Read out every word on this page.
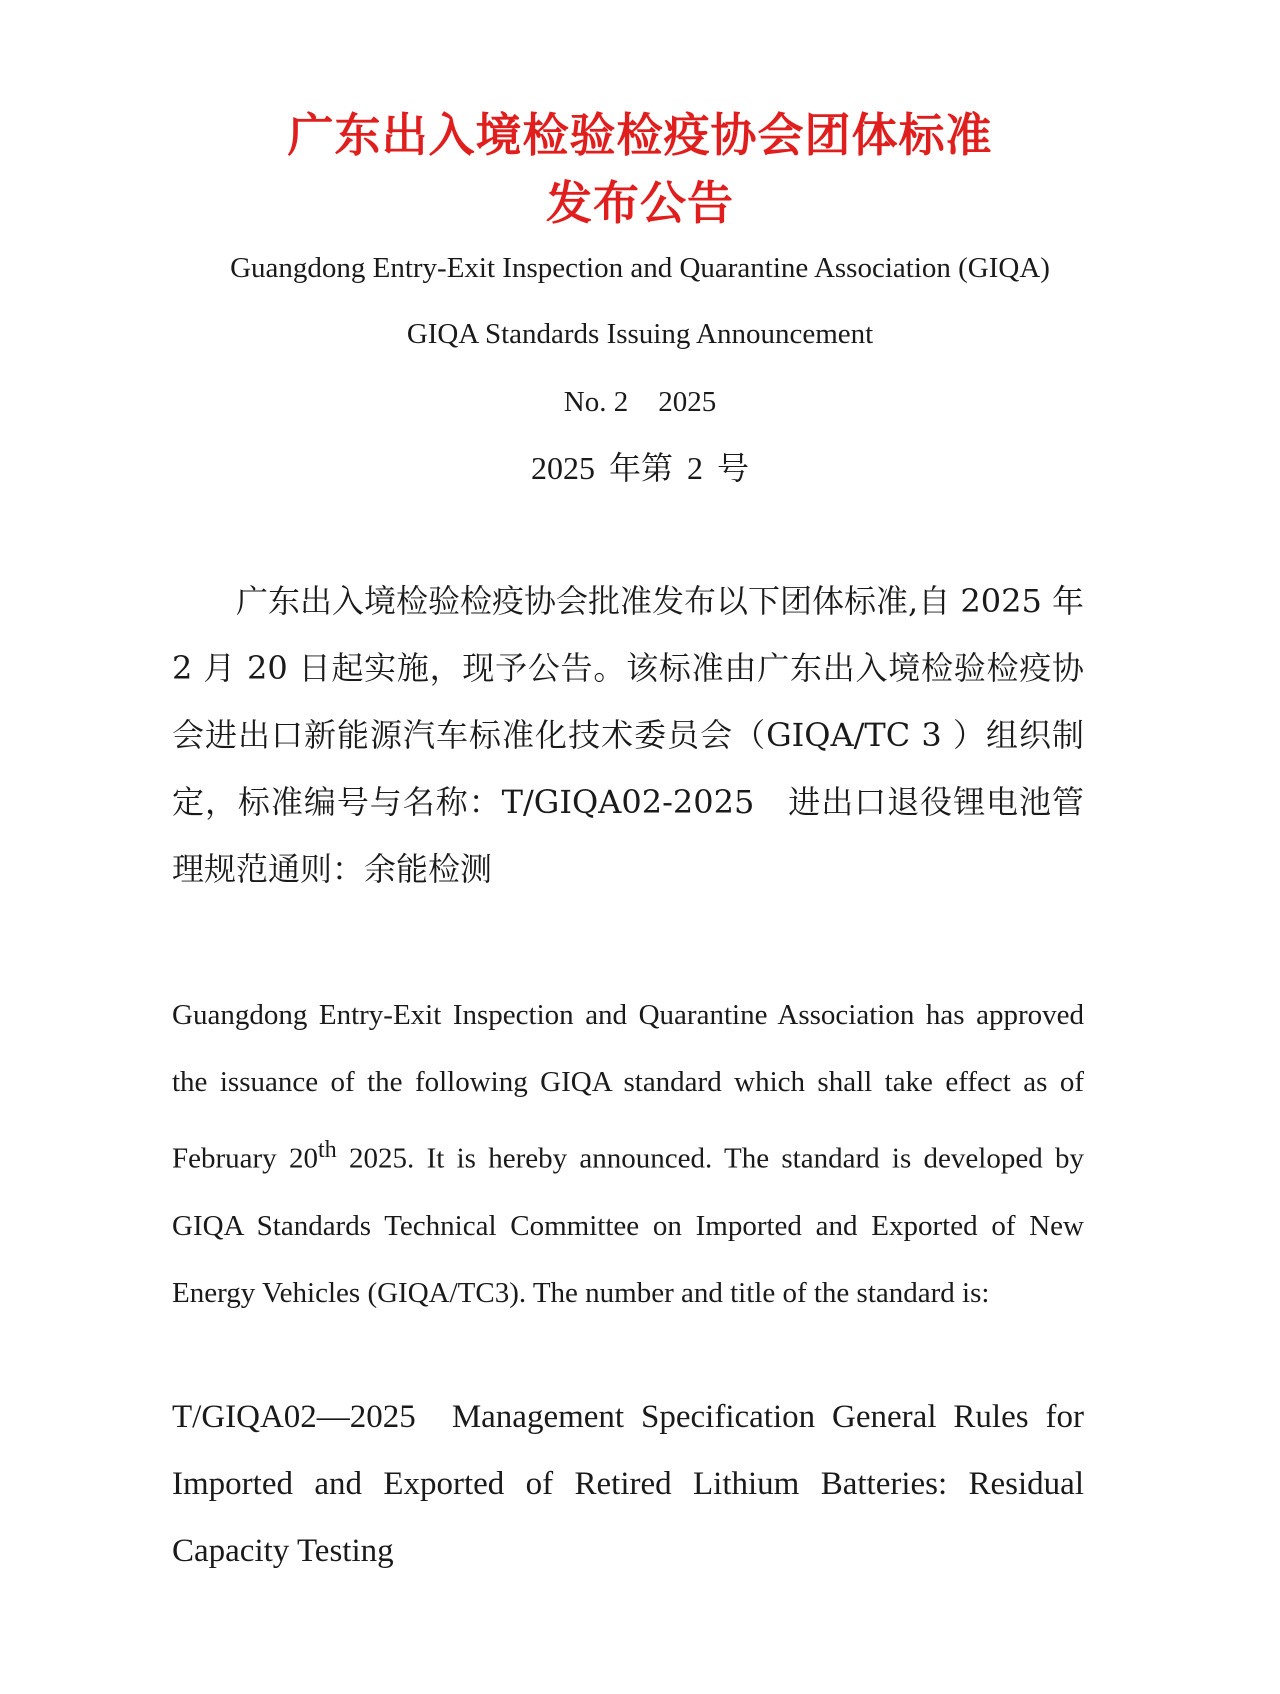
广东出入境检验检疫协会团体标准
发布公告
Guangdong Entry-Exit Inspection and Quarantine Association (GIQA)
GIQA Standards Issuing Announcement
No. 2 2025
2025 年第 2 号

广东出入境检验检疫协会批准发布以下团体标准,自 2025 年 2 月 20 日起实施，现予公告。该标准由广东出入境检验检疫协会进出口新能源汽车标准化技术委员会（GIQA/TC 3 ）组织制定，标准编号与名称：T/GIQA02-2025　进出口退役锂电池管理规范通则：余能检测

Guangdong Entry-Exit Inspection and Quarantine Association has approved the issuance of the following GIQA standard which shall take effect as of February 20th 2025. It is hereby announced. The standard is developed by GIQA Standards Technical Committee on Imported and Exported of New Energy Vehicles (GIQA/TC3). The number and title of the standard is:

T/GIQA02—2025 Management Specification General Rules for Imported and Exported of Retired Lithium Batteries: Residual Capacity Testing
